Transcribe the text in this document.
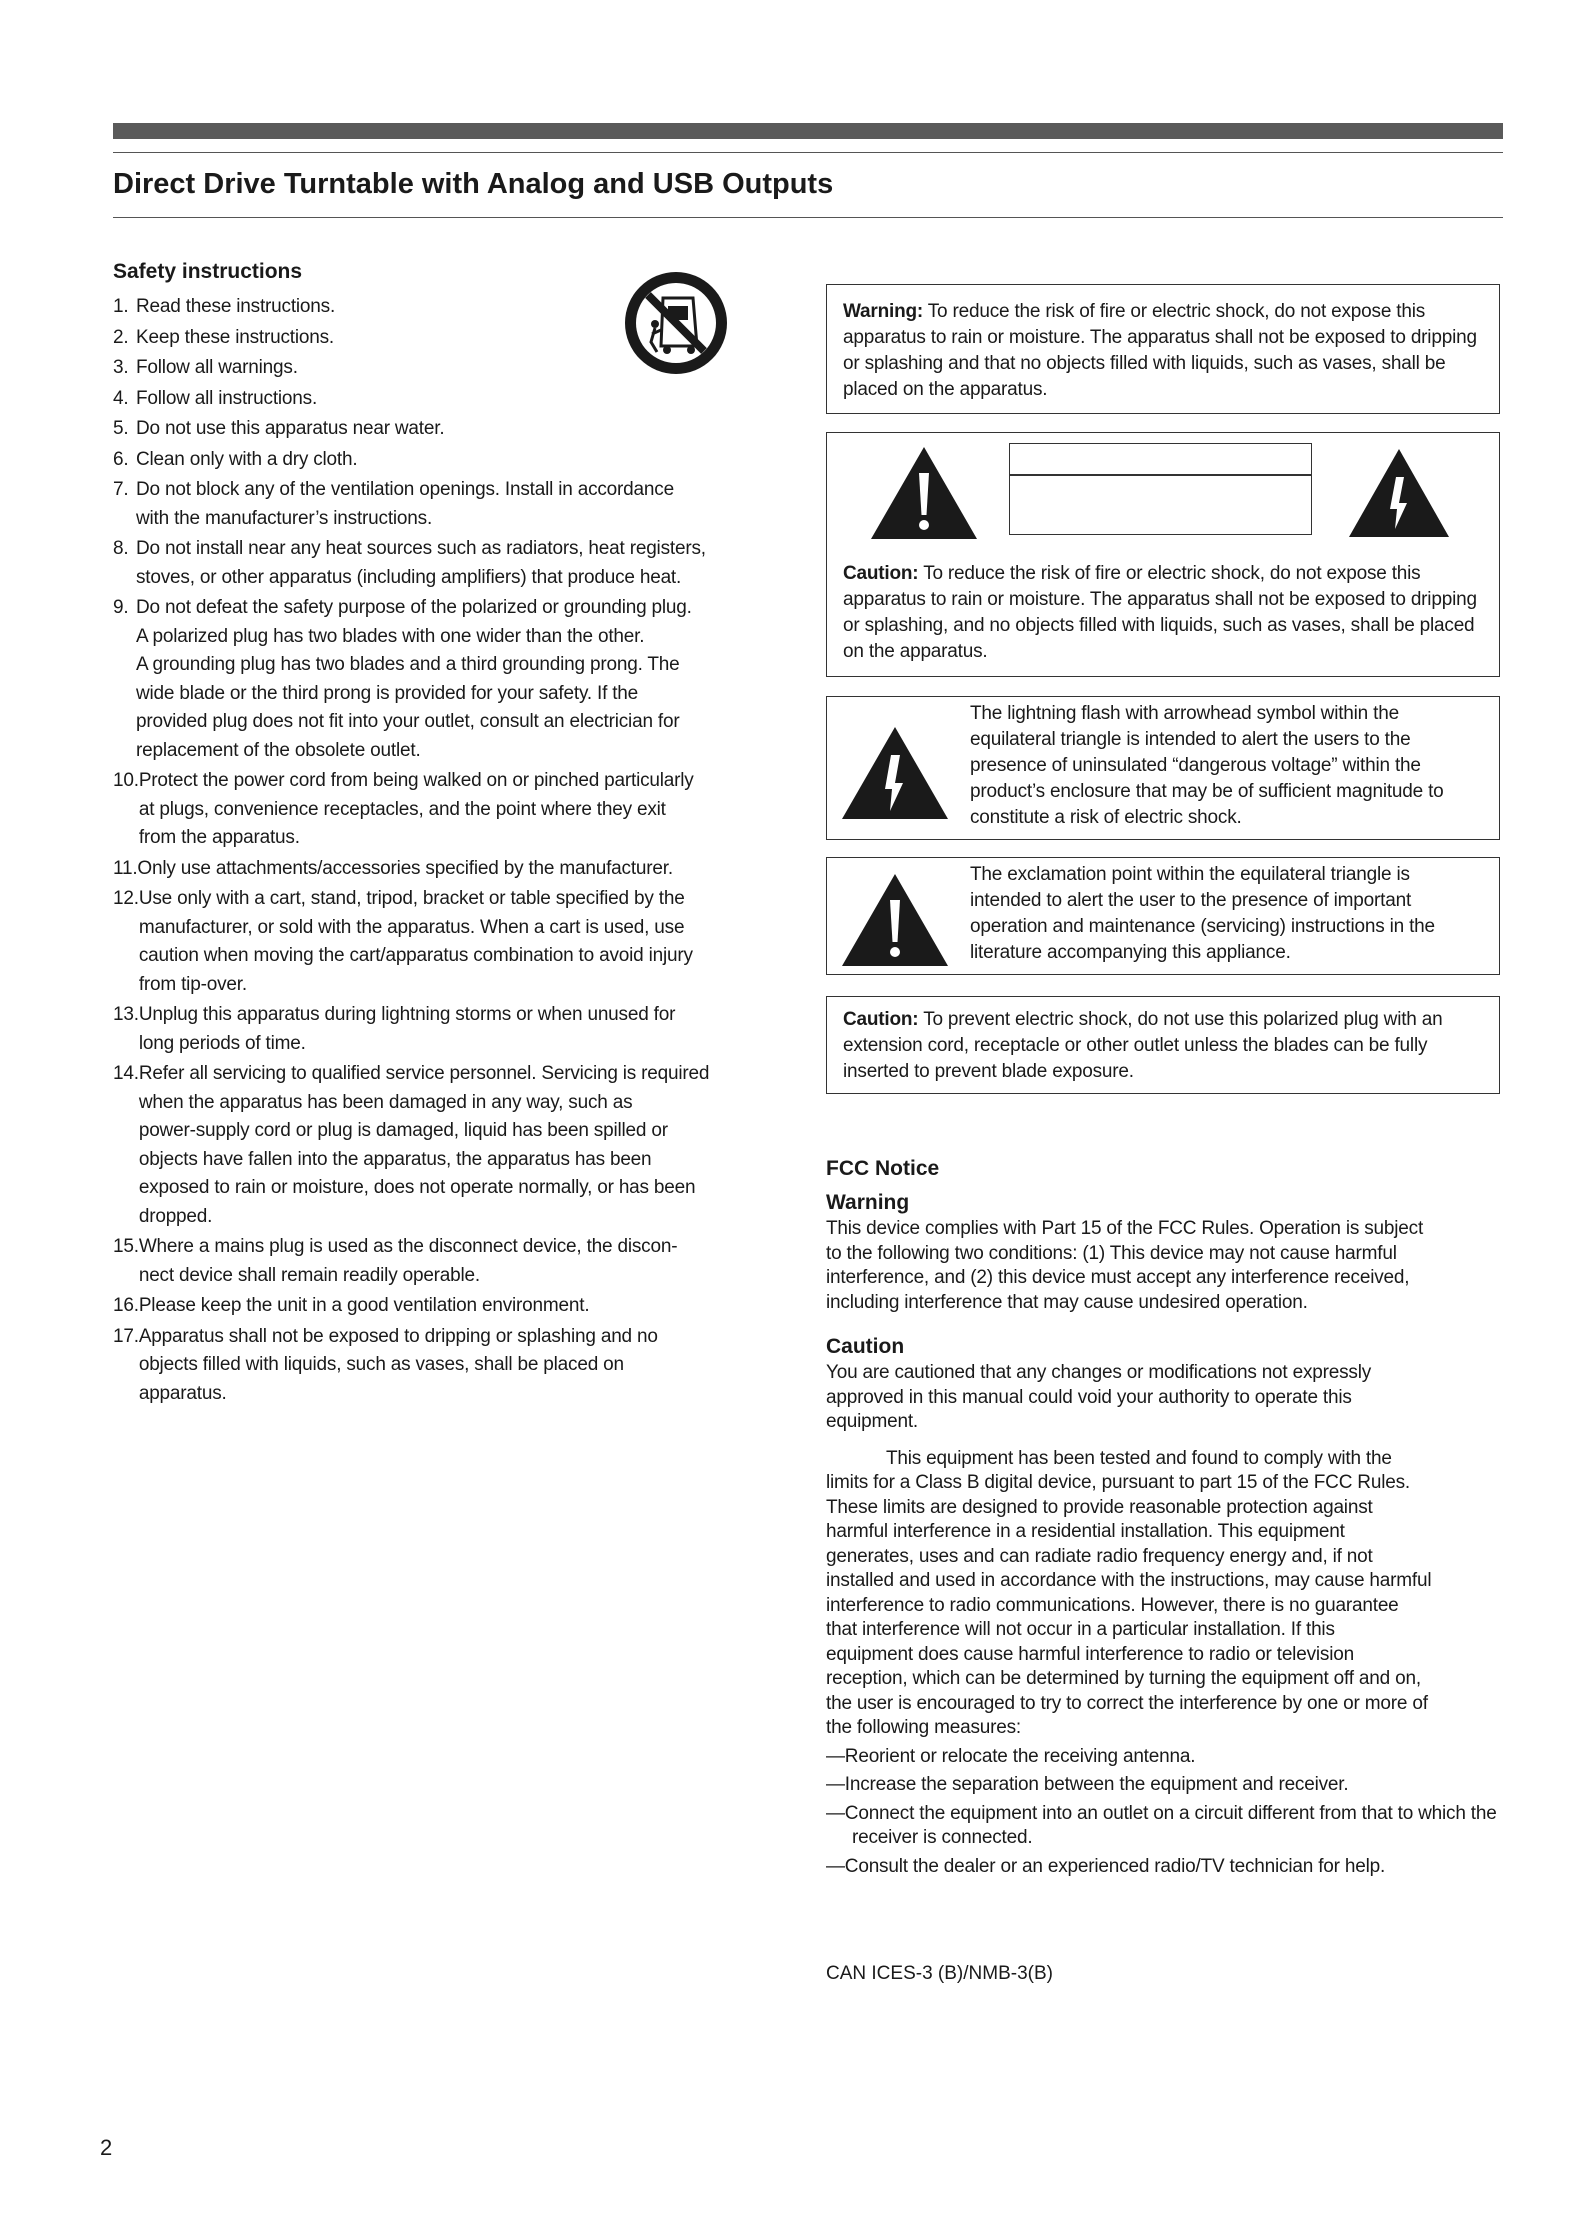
Direct Drive Turntable with Analog and USB Outputs
Safety instructions
1. Read these instructions.
2. Keep these instructions.
3. Follow all warnings.
4. Follow all instructions.
5. Do not use this apparatus near water.
6. Clean only with a dry cloth.
7. Do not block any of the ventilation openings. Install in accordance
with the manufacturer’s instructions.
8. Do not install near any heat sources such as radiators, heat registers,
stoves, or other apparatus (including amplifiers) that produce heat.
9. Do not defeat the safety purpose of the polarized or grounding plug.
A polarized plug has two blades with one wider than the other.
A grounding plug has two blades and a third grounding prong. The
wide blade or the third prong is provided for your safety. If the
provided plug does not fit into your outlet, consult an electrician for
replacement of the obsolete outlet.
10. Protect the power cord from being walked on or pinched particularly
at plugs, convenience receptacles, and the point where they exit
from the apparatus.
11. Only use attachments/accessories specified by the manufacturer.
12. Use only with a cart, stand, tripod, bracket or table specified by the
manufacturer, or sold with the apparatus. When a cart is used, use
caution when moving the cart/apparatus combination to avoid injury
from tip-over.
13. Unplug this apparatus during lightning storms or when unused for
long periods of time.
14. Refer all servicing to qualified service personnel. Servicing is required
when the apparatus has been damaged in any way, such as
power-supply cord or plug is damaged, liquid has been spilled or
objects have fallen into the apparatus, the apparatus has been
exposed to rain or moisture, does not operate normally, or has been
dropped.
15. Where a mains plug is used as the disconnect device, the discon-
nect device shall remain readily operable.
16. Please keep the unit in a good ventilation environment.
17. Apparatus shall not be exposed to dripping or splashing and no
objects filled with liquids, such as vases, shall be placed on
apparatus.

Warning: To reduce the risk of fire or electric shock, do not expose this apparatus to rain or moisture. The apparatus shall not be exposed to dripping or splashing and that no objects filled with liquids, such as vases, shall be placed on the apparatus.

Caution: To reduce the risk of fire or electric shock, do not expose this apparatus to rain or moisture. The apparatus shall not be exposed to dripping or splashing, and no objects filled with liquids, such as vases, shall be placed on the apparatus.

The lightning flash with arrowhead symbol within the equilateral triangle is intended to alert the users to the presence of uninsulated “dangerous voltage” within the product’s enclosure that may be of sufficient magnitude to constitute a risk of electric shock.
The exclamation point within the equilateral triangle is intended to alert the user to the presence of important operation and maintenance (servicing) instructions in the literature accompanying this appliance.

Caution: To prevent electric shock, do not use this polarized plug with an extension cord, receptacle or other outlet unless the blades can be fully inserted to prevent blade exposure.

FCC Notice
Warning

This device complies with Part 15 of the FCC Rules. Operation is subject
to the following two conditions: (1) This device may not cause harmful
interference, and (2) this device must accept any interference received,
including interference that may cause undesired operation.

Caution

You are cautioned that any changes or modifications not expressly
approved in this manual could void your authority to operate this
equipment.

This equipment has been tested and found to comply with the
limits for a Class B digital device, pursuant to part 15 of the FCC Rules.
These limits are designed to provide reasonable protection against
harmful interference in a residential installation. This equipment
generates, uses and can radiate radio frequency energy and, if not
installed and used in accordance with the instructions, may cause harmful
interference to radio communications. However, there is no guarantee
that interference will not occur in a particular installation. If this
equipment does cause harmful interference to radio or television
reception, which can be determined by turning the equipment off and on,
the user is encouraged to try to correct the interference by one or more of
the following measures:

—Reorient or relocate the receiving antenna.
—Increase the separation between the equipment and receiver.
—Connect the equipment into an outlet on a circuit different from that to which the receiver is connected.
—Consult the dealer or an experienced radio/TV technician for help.
CAN ICES-3 (B)/NMB-3(B)
2
